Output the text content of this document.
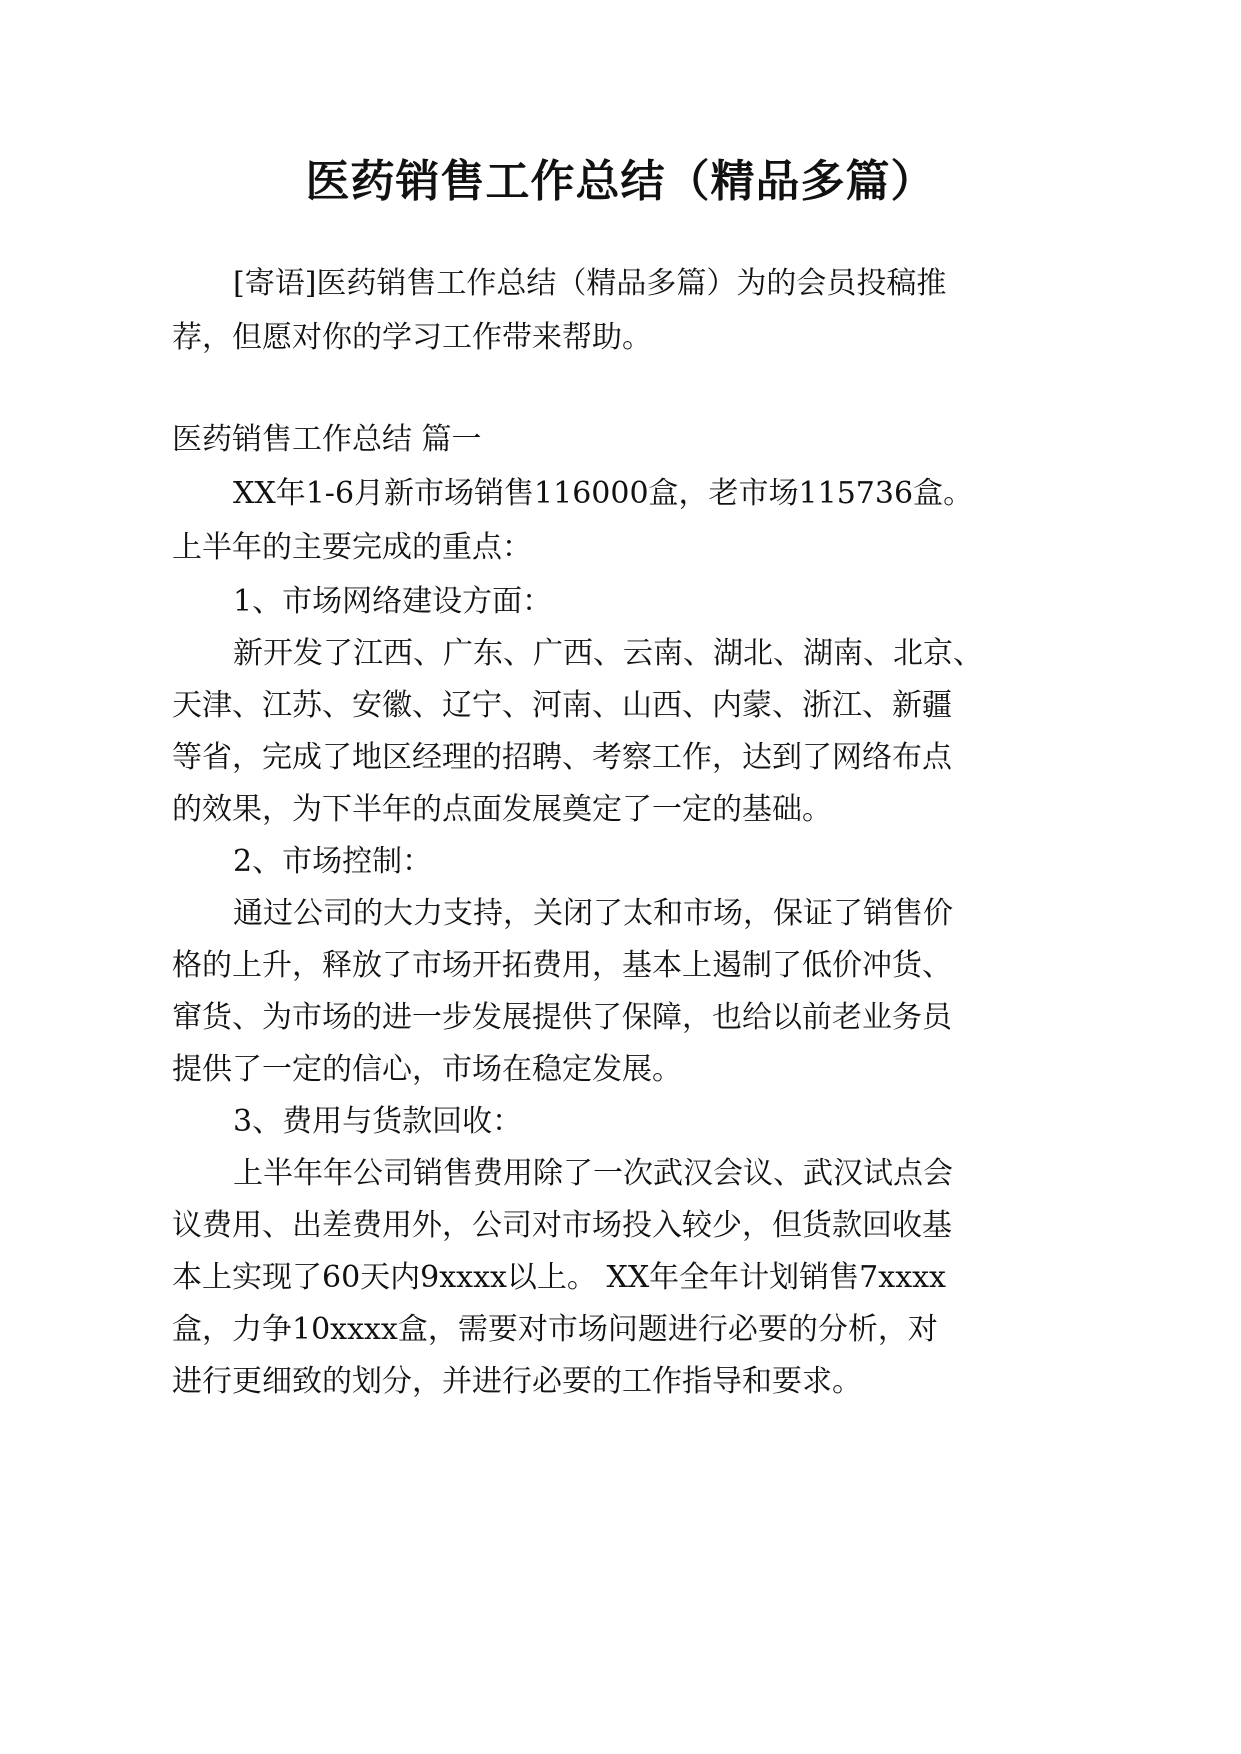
医药销售工作总结（精品多篇）
[寄语]医药销售工作总结（精品多篇）为的会员投稿推
荐，但愿对你的学习工作带来帮助。
医药销售工作总结 篇一
XX年1-6月新市场销售116000盒，老市场115736盒。
上半年的主要完成的重点：
1、市场网络建设方面：
新开发了江西、广东、广西、云南、湖北、湖南、北京、
天津、江苏、安徽、辽宁、河南、山西、内蒙、浙江、新疆
等省，完成了地区经理的招聘、考察工作，达到了网络布点
的效果，为下半年的点面发展奠定了一定的基础。
2、市场控制：
通过公司的大力支持，关闭了太和市场，保证了销售价
格的上升，释放了市场开拓费用，基本上遏制了低价冲货、
窜货、为市场的进一步发展提供了保障，也给以前老业务员
提供了一定的信心，市场在稳定发展。
3、费用与货款回收：
上半年年公司销售费用除了一次武汉会议、武汉试点会
议费用、出差费用外，公司对市场投入较少，但货款回收基
本上实现了60天内9xxxx以上。 XX年全年计划销售7xxxx
盒，力争10xxxx盒，需要对市场问题进行必要的分析，对
进行更细致的划分，并进行必要的工作指导和要求。
